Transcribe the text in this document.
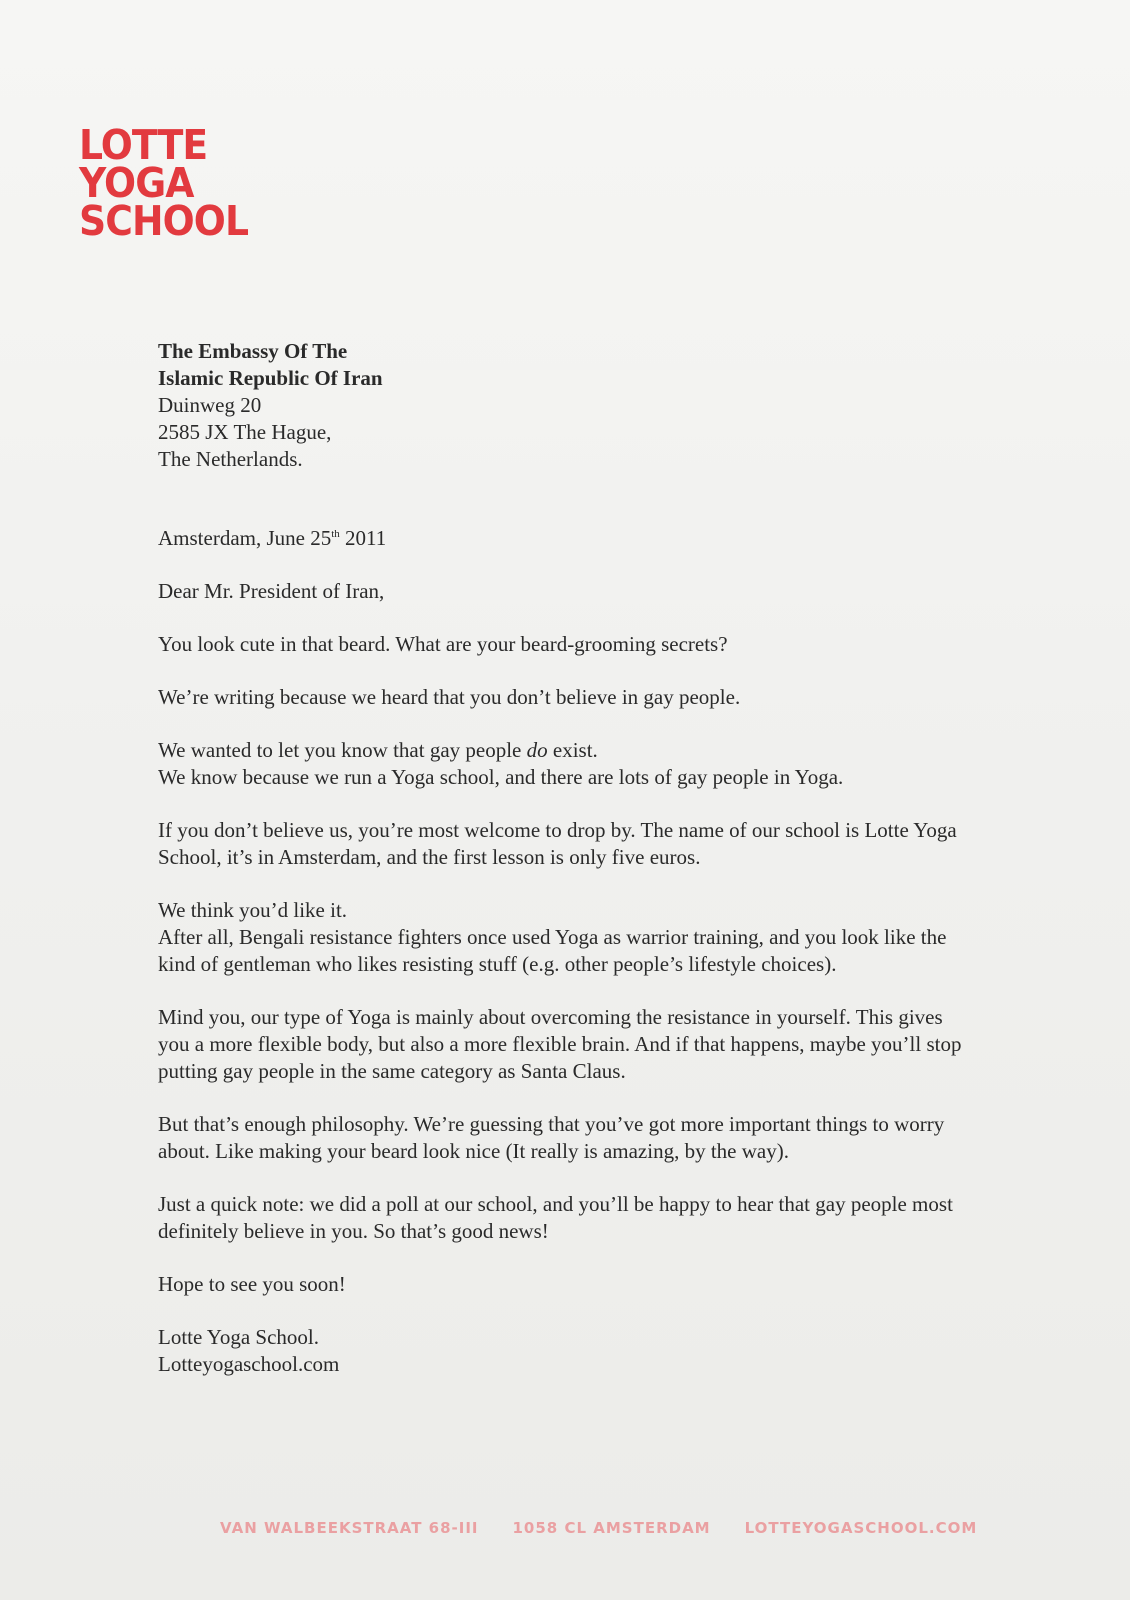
LOTTE
YOGA
SCHOOL

The Embassy Of The
Islamic Republic Of Iran
Duinweg 20
2585 JX The Hague,
The Netherlands.

Amsterdam, June 25th 2011

Dear Mr. President of Iran,

You look cute in that beard. What are your beard-grooming secrets?

We’re writing because we heard that you don’t believe in gay people.

We wanted to let you know that gay people do exist.
We know because we run a Yoga school, and there are lots of gay people in Yoga.

If you don’t believe us, you’re most welcome to drop by. The name of our school is Lotte Yoga School, it’s in Amsterdam, and the first lesson is only five euros.

We think you’d like it.
After all, Bengali resistance fighters once used Yoga as warrior training, and you look like the kind of gentleman who likes resisting stuff (e.g. other people’s lifestyle choices).

Mind you, our type of Yoga is mainly about overcoming the resistance in yourself. This gives you a more flexible body, but also a more flexible brain. And if that happens, maybe you’ll stop putting gay people in the same category as Santa Claus.

But that’s enough philosophy. We’re guessing that you’ve got more important things to worry about. Like making your beard look nice (It really is amazing, by the way).

Just a quick note: we did a poll at our school, and you’ll be happy to hear that gay people most definitely believe in you. So that’s good news!

Hope to see you soon!

Lotte Yoga School.
Lotteyogaschool.com

VAN WALBEEKSTRAAT 68-III 1058 CL AMSTERDAM LOTTEYOGASCHOOL.COM
